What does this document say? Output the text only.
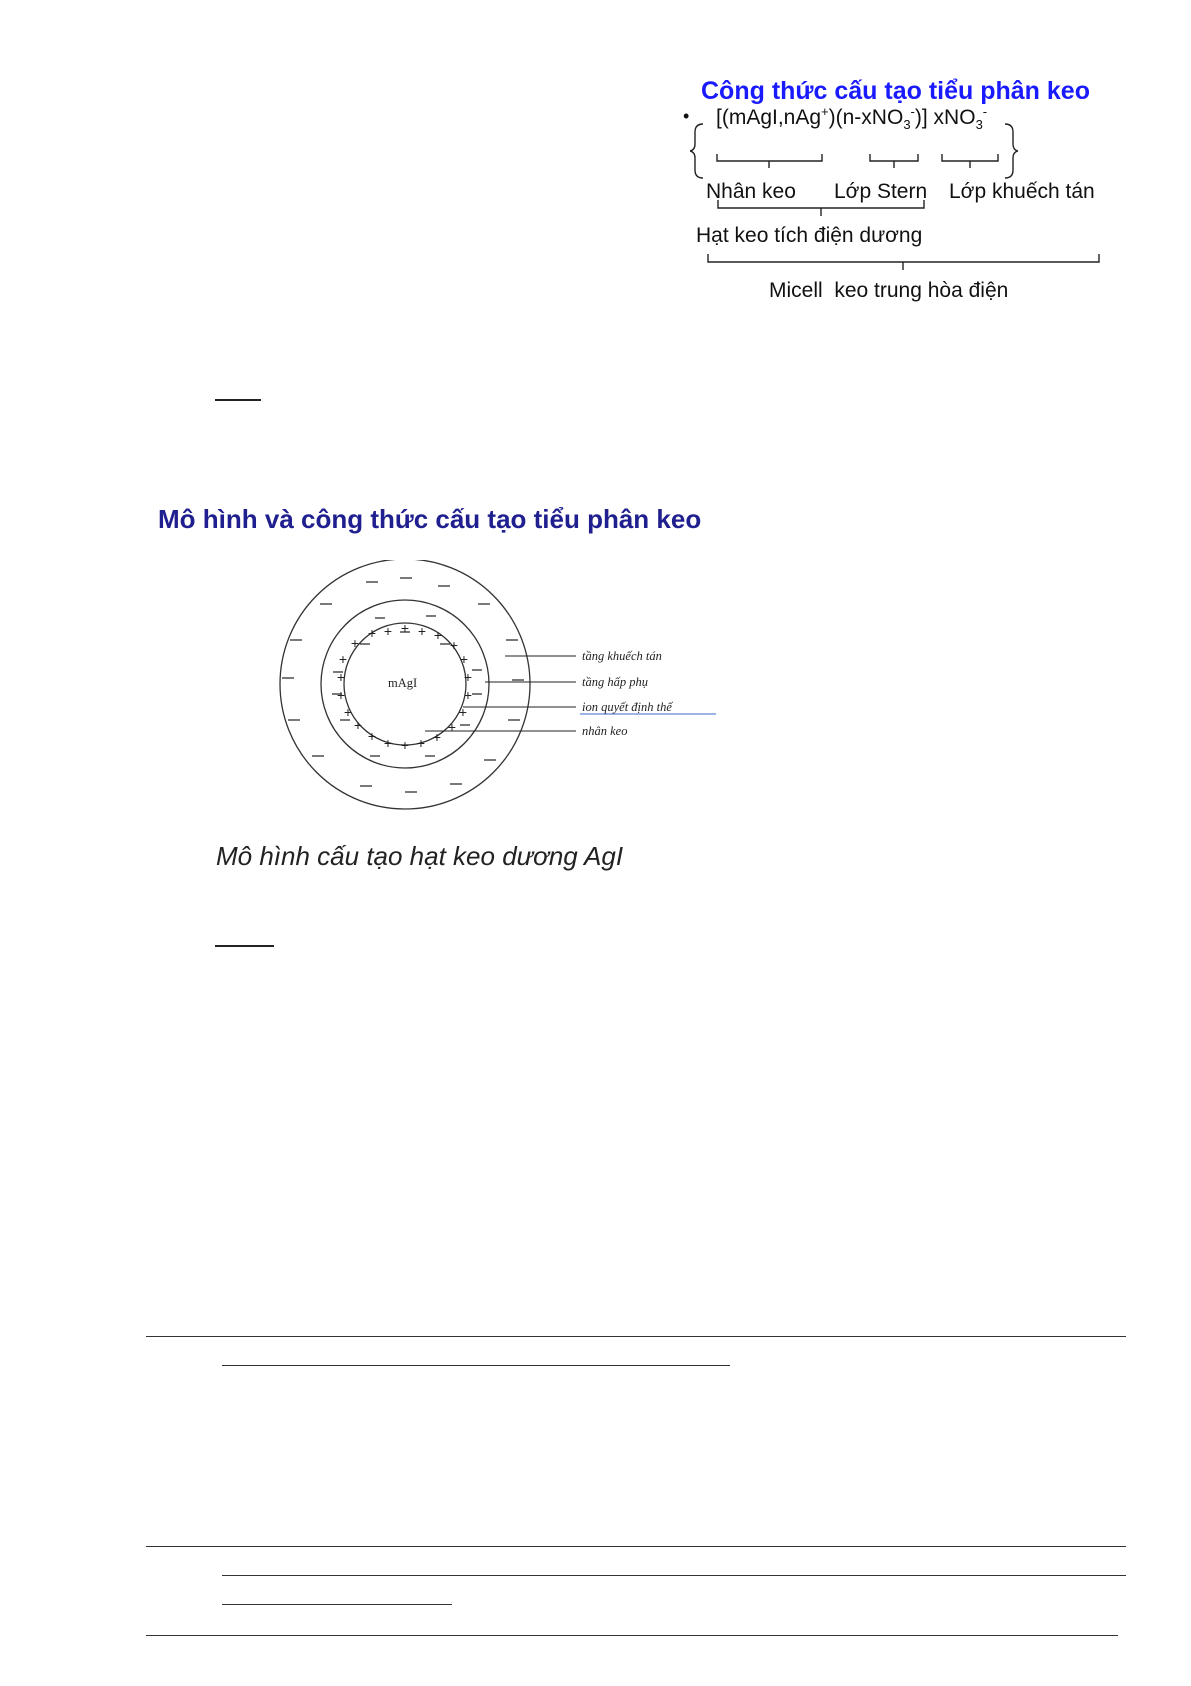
Công thức cấu tạo tiểu phân keo
• [(mAgI,nAg+)(n-xNO$_3$-)] xNO$_3$-
Nhân keo Lớp Stern Lớp khuếch tán
Hạt keo tích điện dương
Micell  keo trung hòa điện
Mô hình và công thức cấu tạo tiểu phân keo
mAgI
+
+
+	+ +
+
+
+
+
+
+
+ + + + +
+
+
+
+
+
+
tầng khuếch tán
tầng hấp phụ
ion quyết định thế
nhân keo
Mô hình cấu tạo hạt keo dương AgI
